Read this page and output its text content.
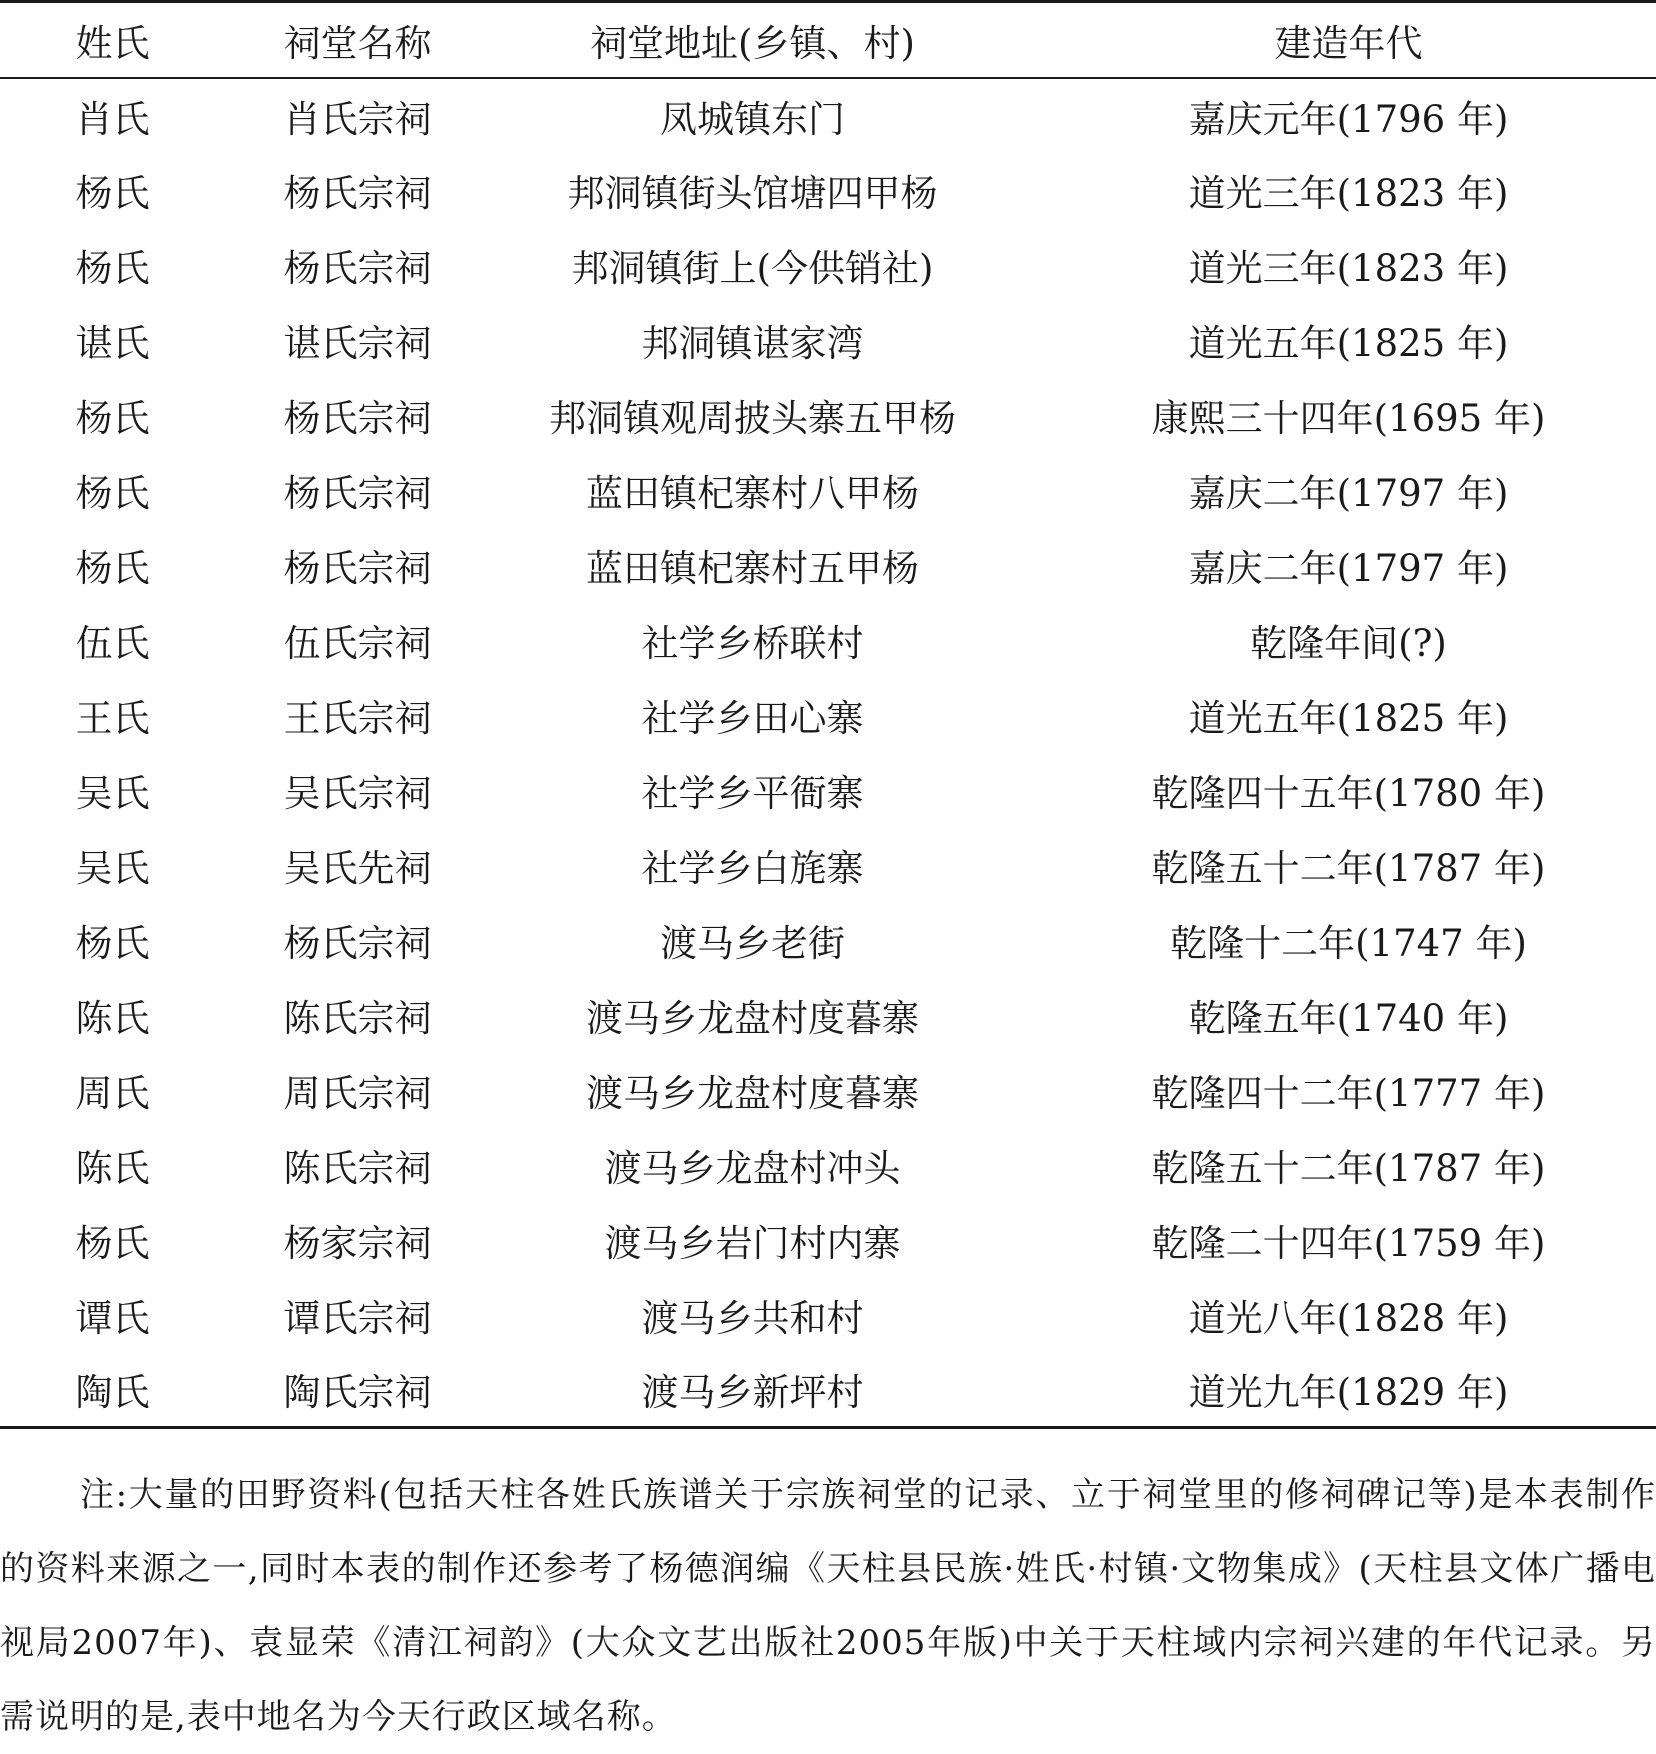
姓氏	祠堂名称	祠堂地址(乡镇、村)	建造年代
肖氏	肖氏宗祠	凤城镇东门	嘉庆元年(1796 年)
杨氏	杨氏宗祠	邦洞镇街头馆塘四甲杨	道光三年(1823 年)
杨氏	杨氏宗祠	邦洞镇街上(今供销社)	道光三年(1823 年)
谌氏	谌氏宗祠	邦洞镇谌家湾	道光五年(1825 年)
杨氏	杨氏宗祠	邦洞镇观周披头寨五甲杨	康熙三十四年(1695 年)
杨氏	杨氏宗祠	蓝田镇杞寨村八甲杨	嘉庆二年(1797 年)
杨氏	杨氏宗祠	蓝田镇杞寨村五甲杨	嘉庆二年(1797 年)
伍氏	伍氏宗祠	社学乡桥联村	乾隆年间(?)
王氏	王氏宗祠	社学乡田心寨	道光五年(1825 年)
吴氏	吴氏宗祠	社学乡平衙寨	乾隆四十五年(1780 年)
吴氏	吴氏先祠	社学乡白旄寨	乾隆五十二年(1787 年)
杨氏	杨氏宗祠	渡马乡老街	乾隆十二年(1747 年)
陈氏	陈氏宗祠	渡马乡龙盘村度暮寨	乾隆五年(1740 年)
周氏	周氏宗祠	渡马乡龙盘村度暮寨	乾隆四十二年(1777 年)
陈氏	陈氏宗祠	渡马乡龙盘村冲头	乾隆五十二年(1787 年)
杨氏	杨家宗祠	渡马乡岩门村内寨	乾隆二十四年(1759 年)
谭氏	谭氏宗祠	渡马乡共和村	道光八年(1828 年)
陶氏	陶氏宗祠	渡马乡新坪村	道光九年(1829 年)

注:大量的田野资料(包括天柱各姓氏族谱关于宗族祠堂的记录、立于祠堂里的修祠碑记等)是本表制作的资料来源之一,同时本表的制作还参考了杨德润编《天柱县民族·姓氏·村镇·文物集成》(天柱县文体广播电视局2007年)、袁显荣《清江祠韵》(大众文艺出版社2005年版)中关于天柱域内宗祠兴建的年代记录。另需说明的是,表中地名为今天行政区域名称。
